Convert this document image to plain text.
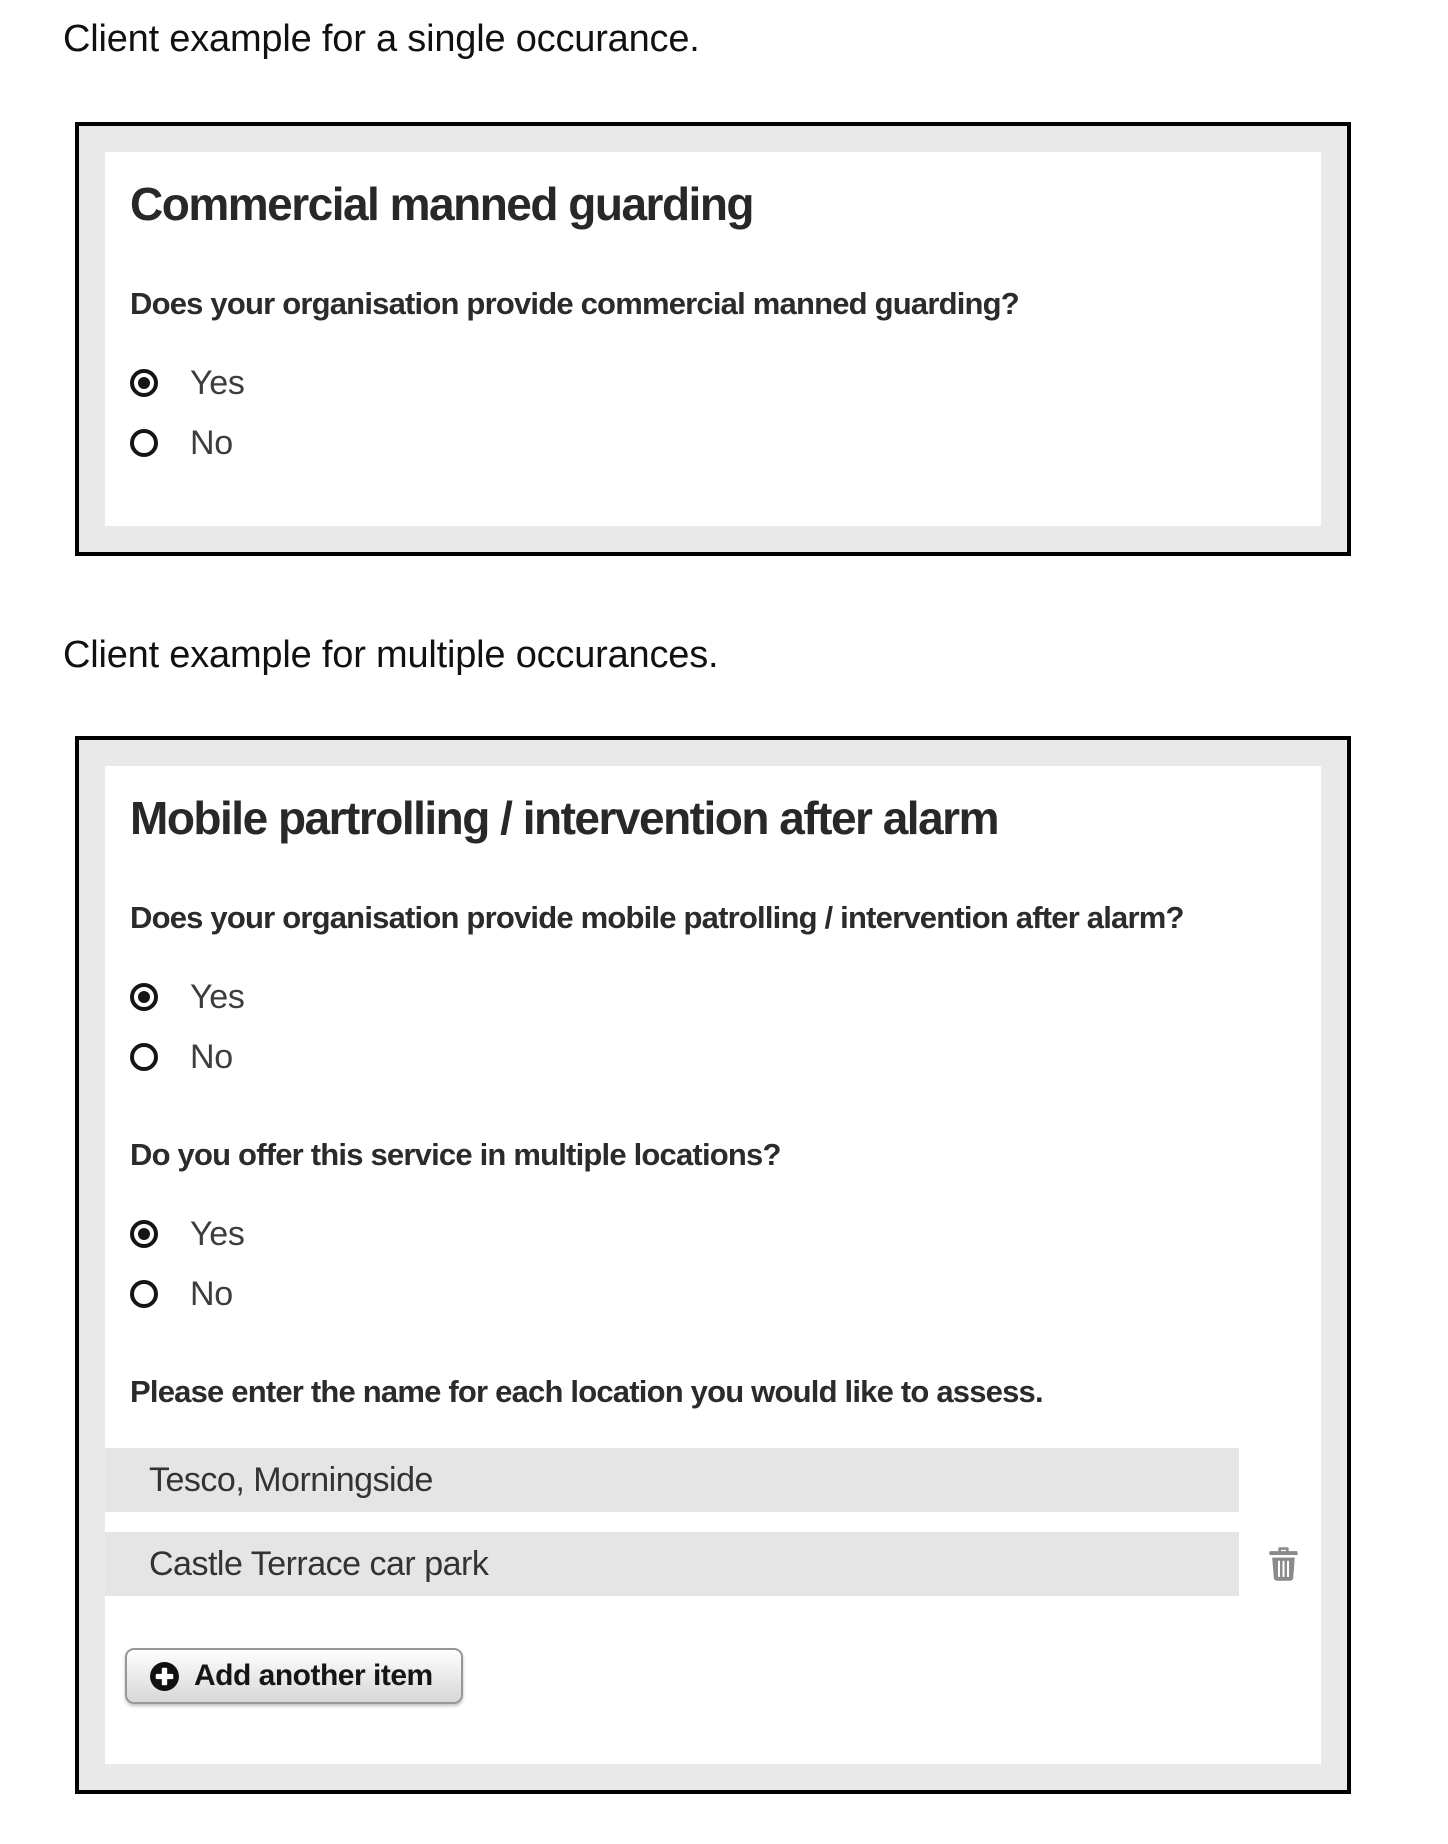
Client example for a single occurance.

Commercial manned guarding

Does your organisation provide commercial manned guarding?

Yes
No

Client example for multiple occurances.

Mobile partrolling / intervention after alarm

Does your organisation provide mobile patrolling / intervention after alarm?

Yes
No

Do you offer this service in multiple locations?

Yes
No

Please enter the name for each location you would like to assess.

Tesco, Morningside
Castle Terrace car park
Add another item
